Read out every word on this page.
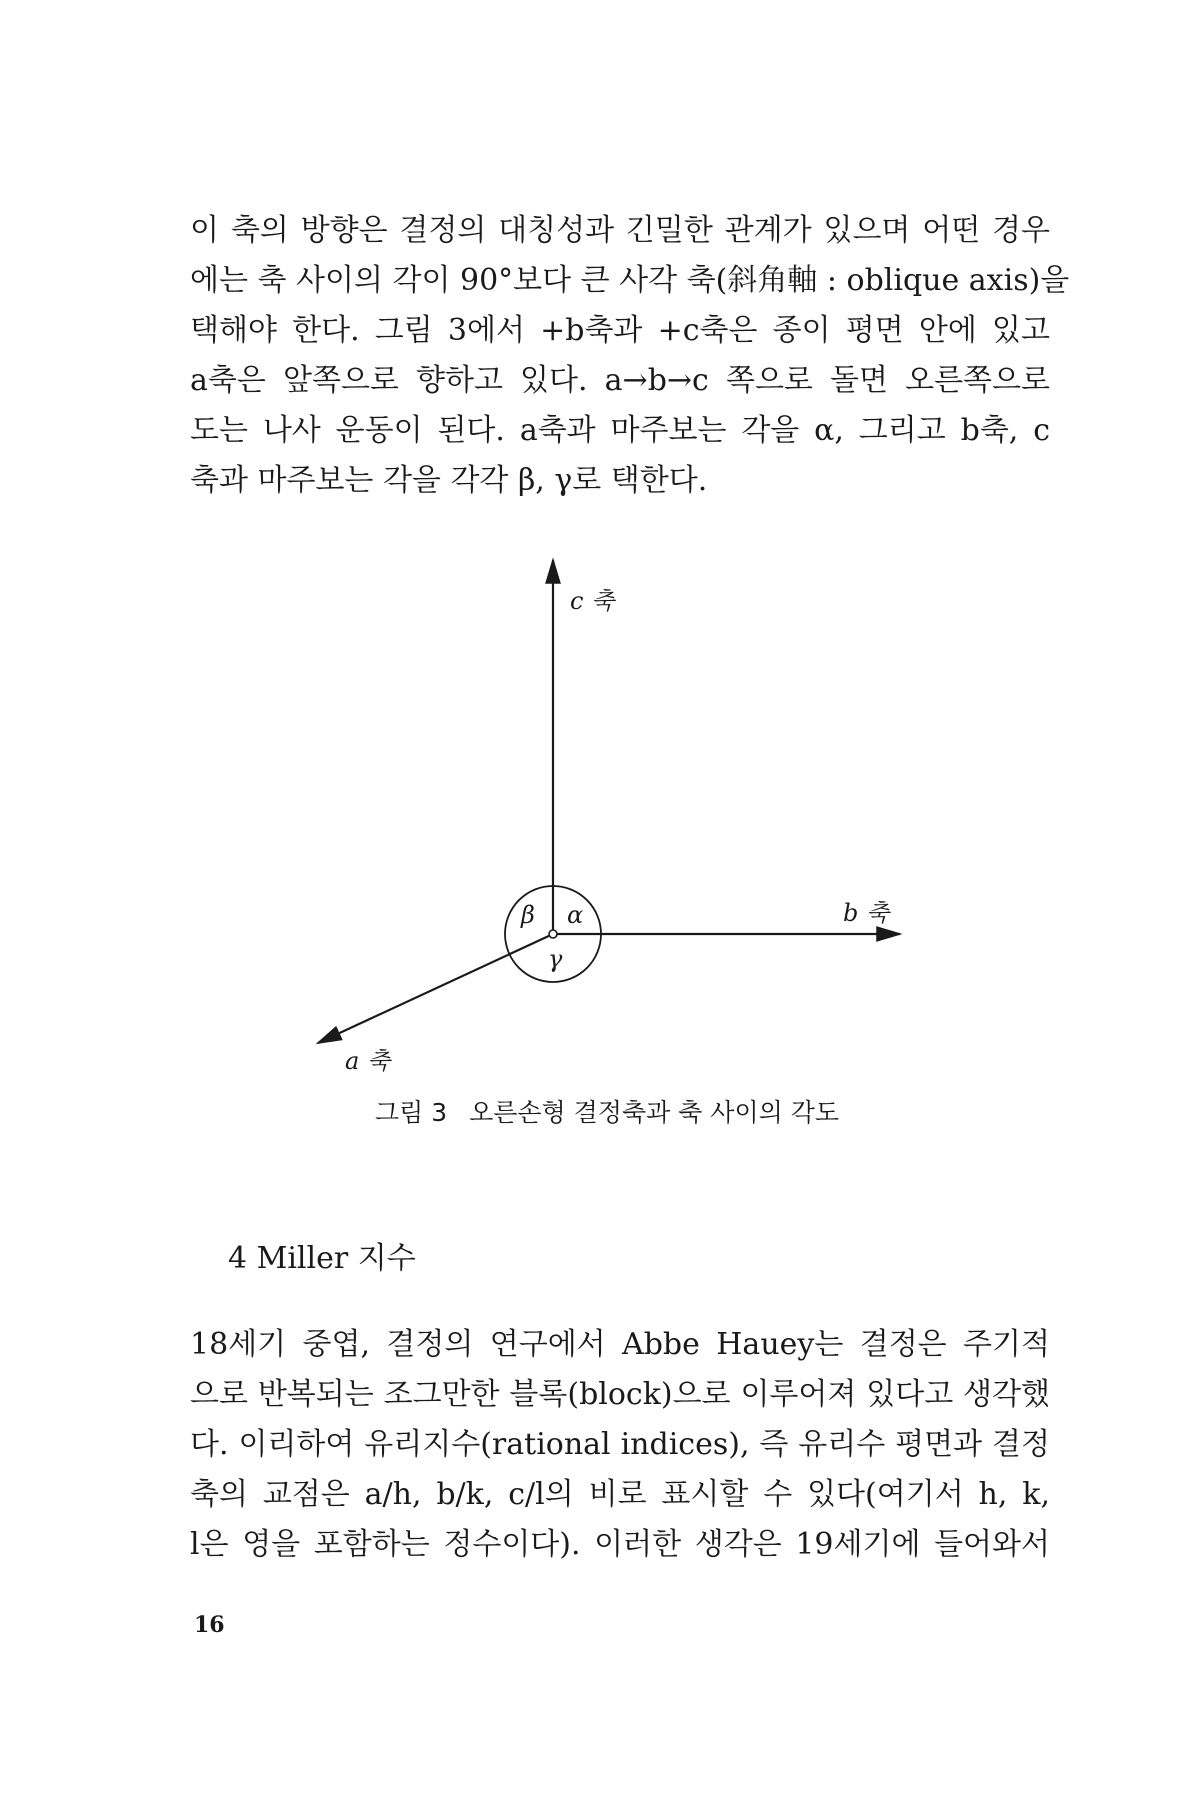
이 축의 방향은 결정의 대칭성과 긴밀한 관계가 있으며 어떤 경우
에는 축 사이의 각이 90°보다 큰 사각 축(斜角軸 : oblique axis)을
택해야 한다. 그림 3에서 +b축과 +c축은 종이 평면 안에 있고
a축은 앞쪽으로 향하고 있다. a→b→c 쪽으로 돌면 오른쪽으로
도는 나사 운동이 된다. a축과 마주보는 각을 α, 그리고 b축, c
축과 마주보는 각을 각각 β, γ로 택한다.
c 축
b 축
a 축
α
β
γ
그림 3 오른손형 결정축과 축 사이의 각도
4 Miller 지수
18세기 중엽, 결정의 연구에서 Abbe Hauey는 결정은 주기적
으로 반복되는 조그만한 블록(block)으로 이루어져 있다고 생각했
다. 이리하여 유리지수(rational indices), 즉 유리수 평면과 결정
축의 교점은 a/h, b/k, c/l의 비로 표시할 수 있다(여기서 h, k,
l은 영을 포함하는 정수이다). 이러한 생각은 19세기에 들어와서
16
